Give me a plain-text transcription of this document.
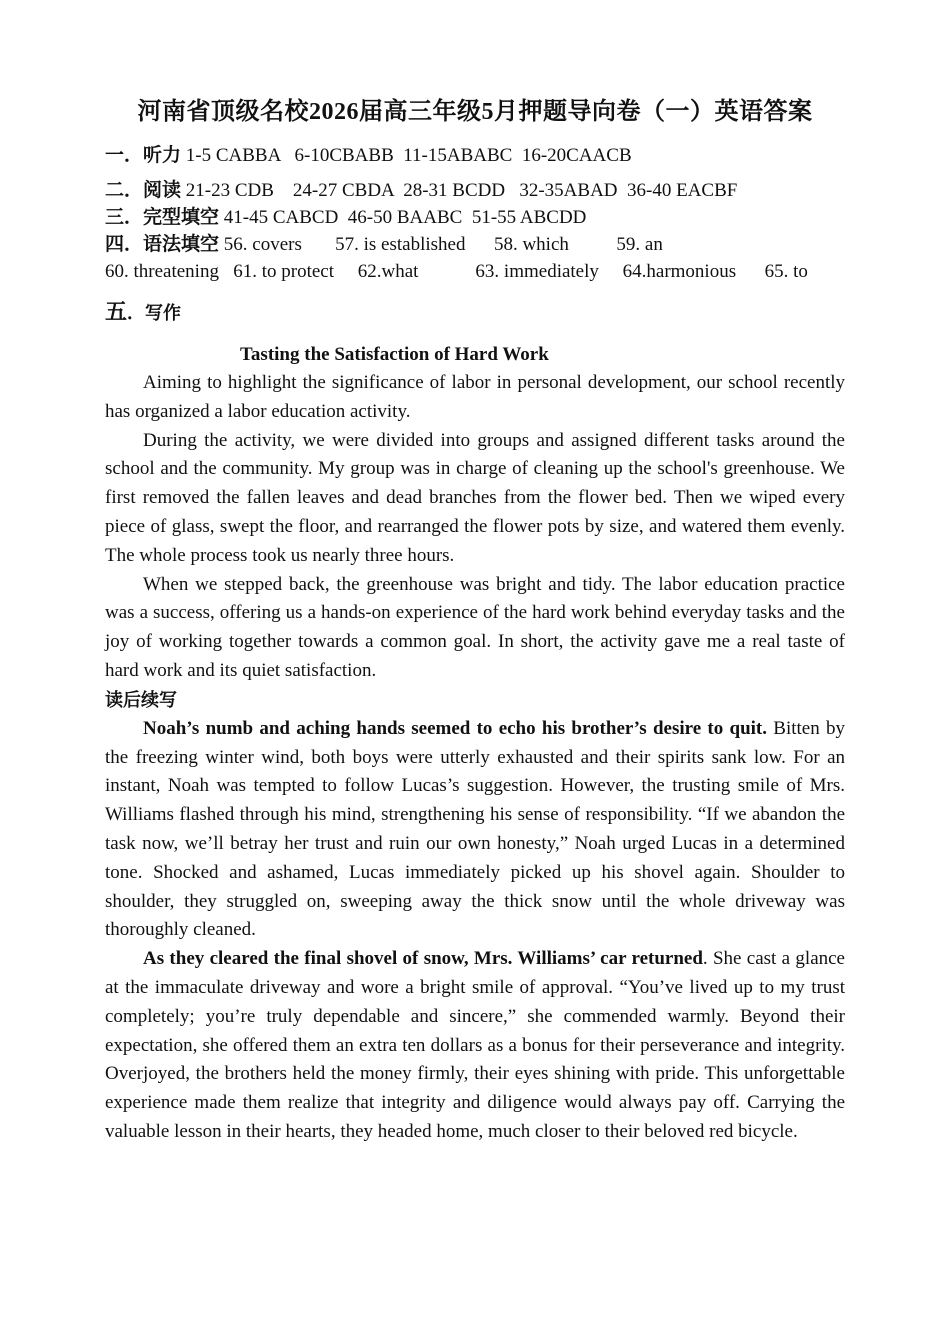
河南省顶级名校2026届高三年级5月押题导向卷（一）英语答案
一．听力 1-5 CABBA   6-10CBABB  11-15ABABC  16-20CAACB
二．阅读 21-23 CDB    24-27 CBDA  28-31 BCDD   32-35ABAD  36-40 EACBF
三．完型填空 41-45 CABCD  46-50 BAABC  51-55 ABCDD
四．语法填空 56. covers       57. is established      58. which          59. an
60. threatening   61. to protect     62.what            63. immediately     64.harmonious      65. to
五．写作
Tasting the Satisfaction of Hard Work

Aiming to highlight the significance of labor in personal development, our school recently has organized a labor education activity.

During the activity, we were divided into groups and assigned different tasks around the school and the community. My group was in charge of cleaning up the school's greenhouse. We first removed the fallen leaves and dead branches from the flower bed. Then we wiped every piece of glass, swept the floor, and rearranged the flower pots by size, and watered them evenly. The whole process took us nearly three hours.

When we stepped back, the greenhouse was bright and tidy. The labor education practice was a success, offering us a hands-on experience of the hard work behind everyday tasks and the joy of working together towards a common goal. In short, the activity gave me a real taste of hard work and its quiet satisfaction.

读后续写

Noah’s numb and aching hands seemed to echo his brother’s desire to quit. Bitten by the freezing winter wind, both boys were utterly exhausted and their spirits sank low. For an instant, Noah was tempted to follow Lucas’s suggestion. However, the trusting smile of Mrs. Williams flashed through his mind, strengthening his sense of responsibility. “If we abandon the task now, we’ll betray her trust and ruin our own honesty,” Noah urged Lucas in a determined tone. Shocked and ashamed, Lucas immediately picked up his shovel again. Shoulder to shoulder, they struggled on, sweeping away the thick snow until the whole driveway was thoroughly cleaned.

As they cleared the final shovel of snow, Mrs. Williams’ car returned. She cast a glance at the immaculate driveway and wore a bright smile of approval. “You’ve lived up to my trust completely; you’re truly dependable and sincere,” she commended warmly. Beyond their expectation, she offered them an extra ten dollars as a bonus for their perseverance and integrity. Overjoyed, the brothers held the money firmly, their eyes shining with pride. This unforgettable experience made them realize that integrity and diligence would always pay off. Carrying the valuable lesson in their hearts, they headed home, much closer to their beloved red bicycle.
